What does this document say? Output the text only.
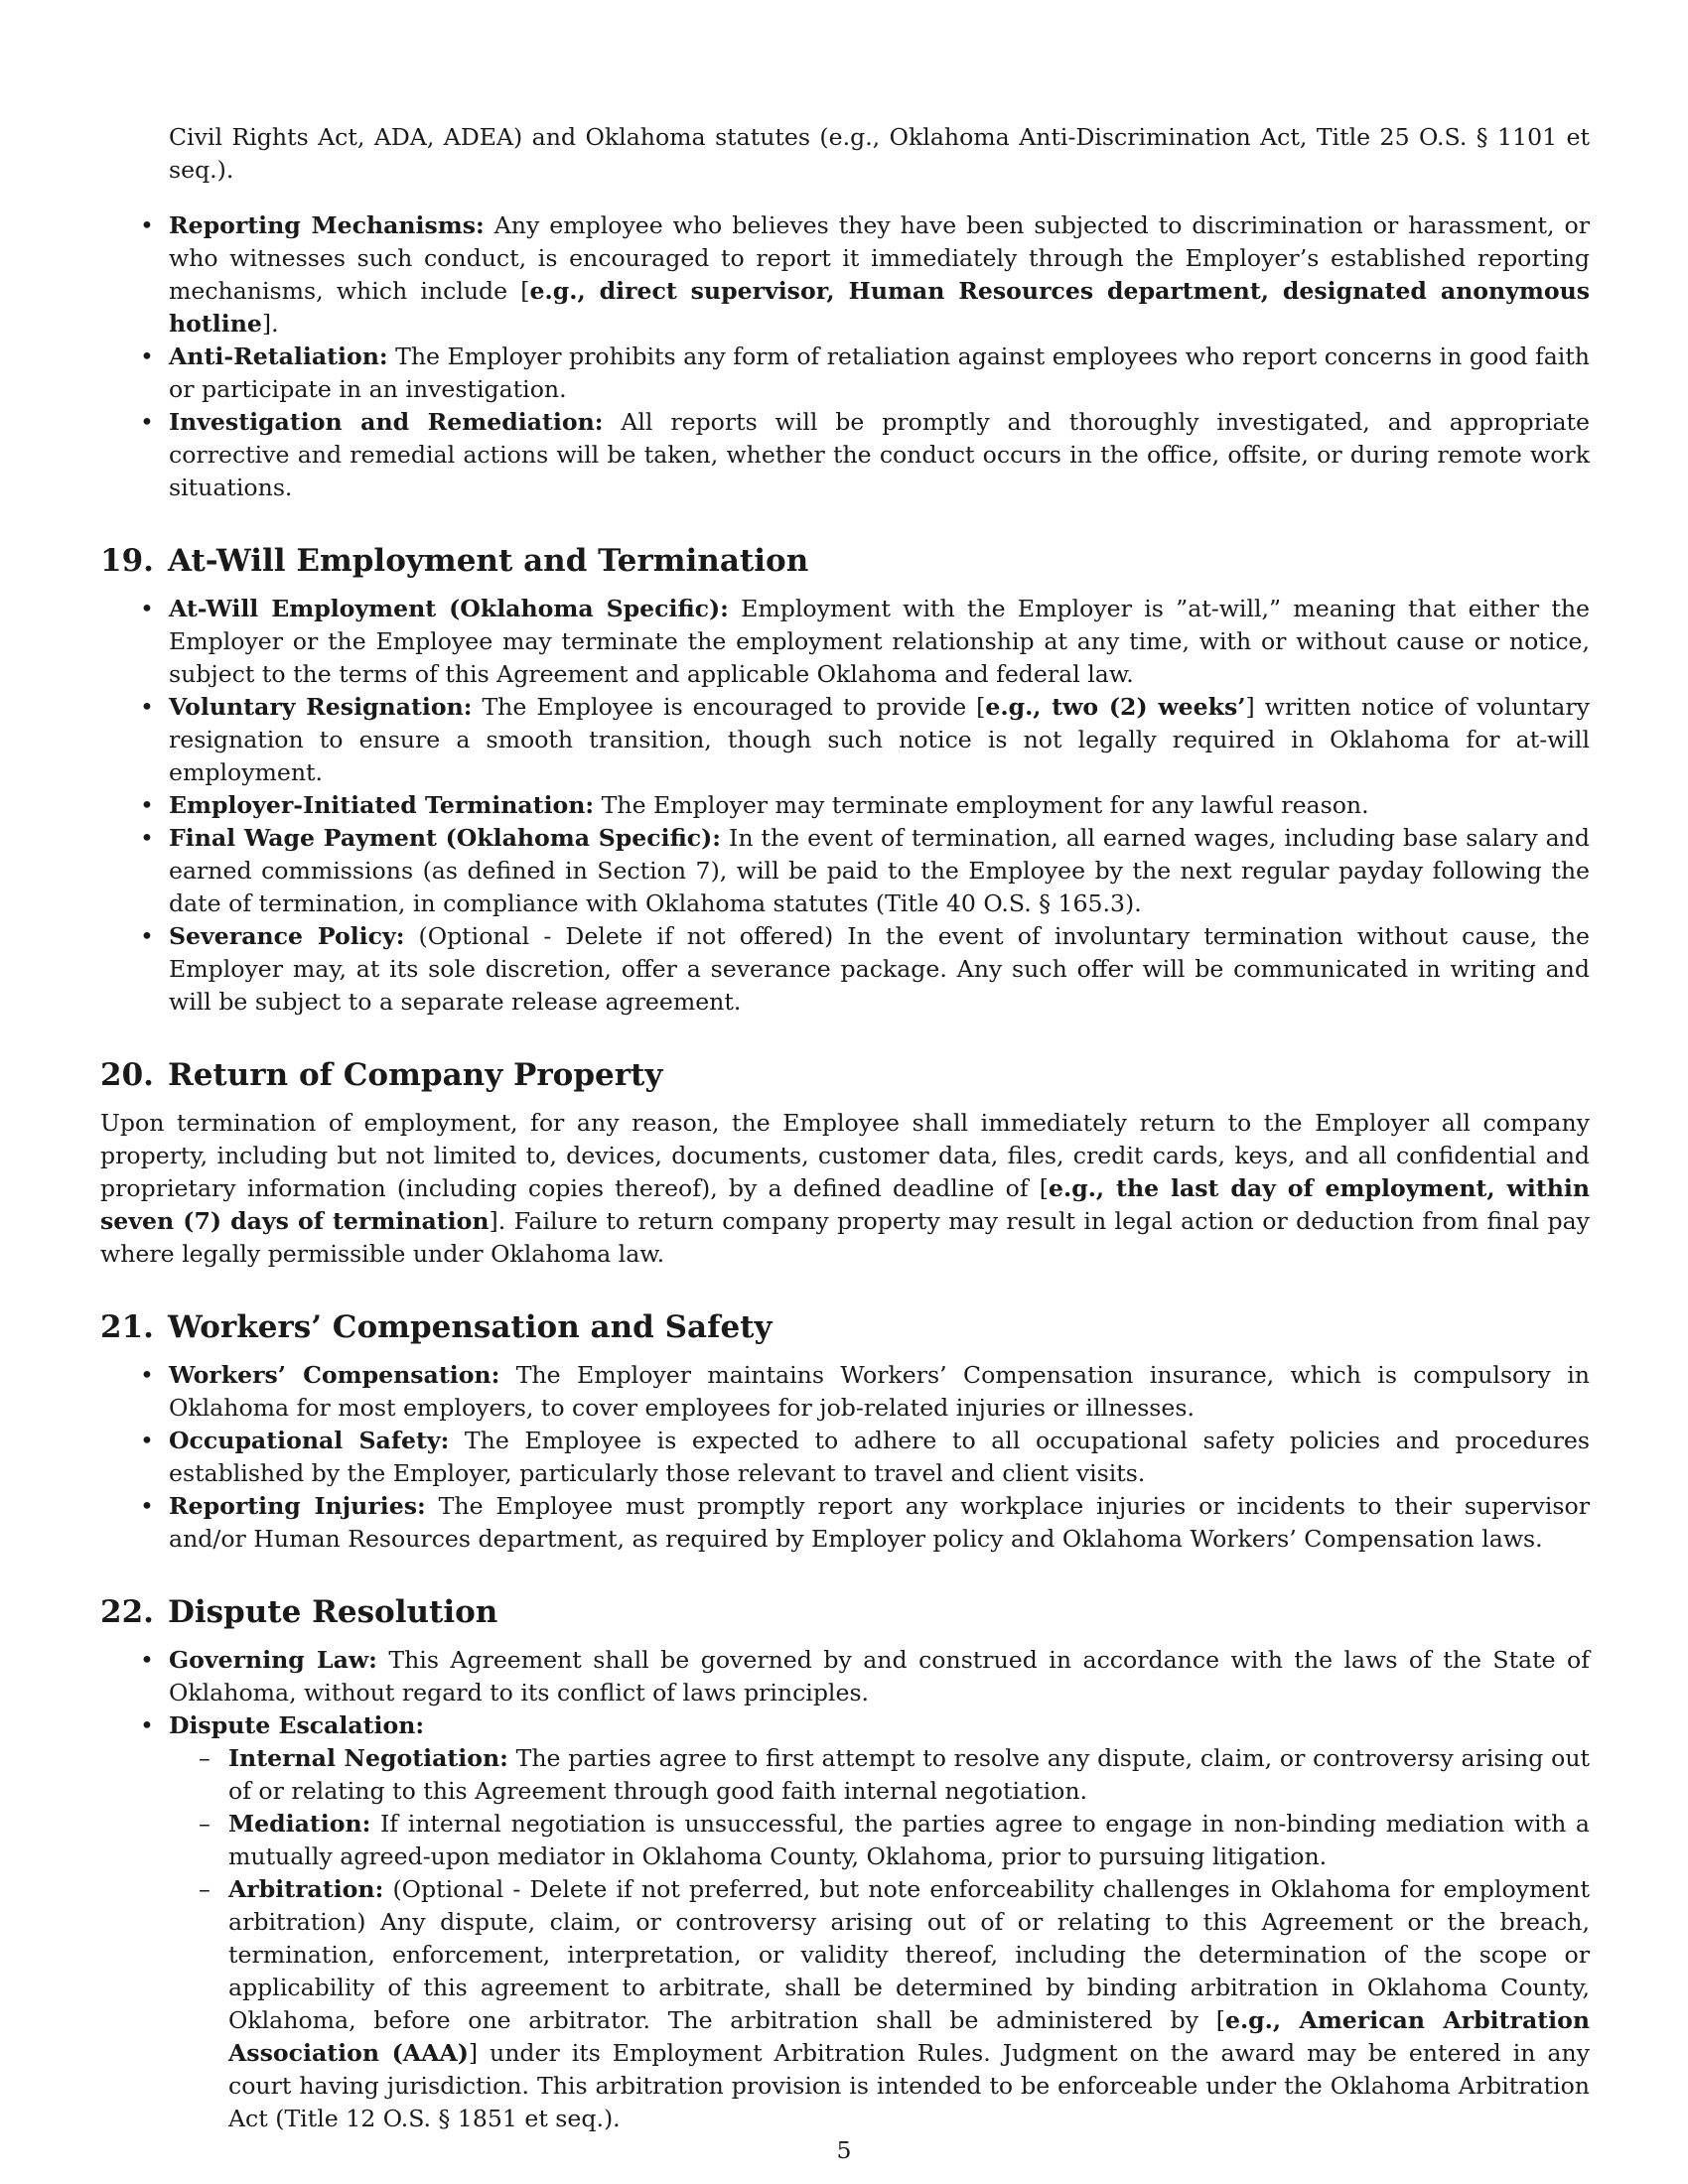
Civil Rights Act, ADA, ADEA) and Oklahoma statutes (e.g., Oklahoma Anti-Discrimination Act, Title 25 O.S. § 1101 et seq.).

• Reporting Mechanisms: Any employee who believes they have been subjected to discrimination or harassment, or who witnesses such conduct, is encouraged to report it immediately through the Employer’s established reporting mechanisms, which include [e.g., direct supervisor, Human Resources department, designated anonymous hotline].
• Anti-Retaliation: The Employer prohibits any form of retaliation against employees who report concerns in good faith or participate in an investigation.
• Investigation and Remediation: All reports will be promptly and thoroughly investigated, and appropriate corrective and remedial actions will be taken, whether the conduct occurs in the office, offsite, or during remote work situations.
19. At-Will Employment and Termination
• At-Will Employment (Oklahoma Specific): Employment with the Employer is ”at-will,” meaning that either the Employer or the Employee may terminate the employment relationship at any time, with or without cause or notice, subject to the terms of this Agreement and applicable Oklahoma and federal law.
• Voluntary Resignation: The Employee is encouraged to provide [e.g., two (2) weeks’] written notice of voluntary resignation to ensure a smooth transition, though such notice is not legally required in Oklahoma for at-will employment.
• Employer-Initiated Termination: The Employer may terminate employment for any lawful reason.
• Final Wage Payment (Oklahoma Specific): In the event of termination, all earned wages, including base salary and earned commissions (as defined in Section 7), will be paid to the Employee by the next regular payday following the date of termination, in compliance with Oklahoma statutes (Title 40 O.S. § 165.3).
• Severance Policy: (Optional - Delete if not offered) In the event of involuntary termination without cause, the Employer may, at its sole discretion, offer a severance package. Any such offer will be communicated in writing and will be subject to a separate release agreement.
20. Return of Company Property

Upon termination of employment, for any reason, the Employee shall immediately return to the Employer all company property, including but not limited to, devices, documents, customer data, files, credit cards, keys, and all confidential and proprietary information (including copies thereof), by a defined deadline of [e.g., the last day of employment, within seven (7) days of termination]. Failure to return company property may result in legal action or deduction from final pay where legally permissible under Oklahoma law.

21. Workers’ Compensation and Safety
• Workers’ Compensation: The Employer maintains Workers’ Compensation insurance, which is compulsory in Oklahoma for most employers, to cover employees for job-related injuries or illnesses.
• Occupational Safety: The Employee is expected to adhere to all occupational safety policies and procedures established by the Employer, particularly those relevant to travel and client visits.
• Reporting Injuries: The Employee must promptly report any workplace injuries or incidents to their supervisor and/or Human Resources department, as required by Employer policy and Oklahoma Workers’ Compensation laws.
22. Dispute Resolution
• Governing Law: This Agreement shall be governed by and construed in accordance with the laws of the State of Oklahoma, without regard to its conflict of laws principles.
• Dispute Escalation:
– Internal Negotiation: The parties agree to first attempt to resolve any dispute, claim, or controversy arising out of or relating to this Agreement through good faith internal negotiation.
– Mediation: If internal negotiation is unsuccessful, the parties agree to engage in non-binding mediation with a mutually agreed-upon mediator in Oklahoma County, Oklahoma, prior to pursuing litigation.
– Arbitration: (Optional - Delete if not preferred, but note enforceability challenges in Oklahoma for employment arbitration) Any dispute, claim, or controversy arising out of or relating to this Agreement or the breach, termination, enforcement, interpretation, or validity thereof, including the determination of the scope or applicability of this agreement to arbitrate, shall be determined by binding arbitration in Oklahoma County, Oklahoma, before one arbitrator. The arbitration shall be administered by [e.g., American Arbitration Association (AAA)] under its Employment Arbitration Rules. Judgment on the award may be entered in any court having jurisdiction. This arbitration provision is intended to be enforceable under the Oklahoma Arbitration Act (Title 12 O.S. § 1851 et seq.).
5
